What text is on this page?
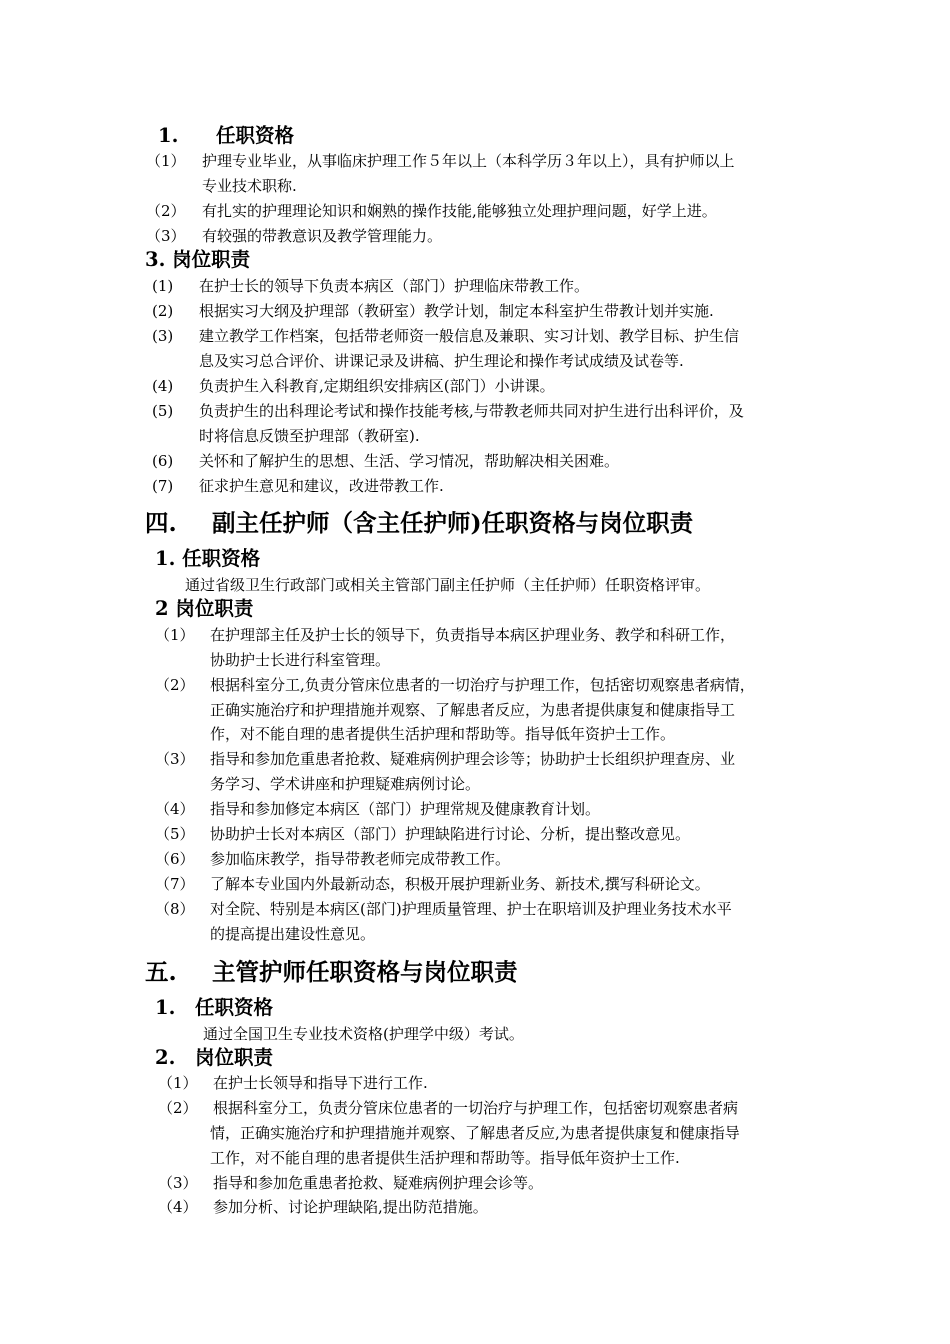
1. 任职资格
（1） 护理专业毕业，从事临床护理工作５年以上（本科学历３年以上），具有护师以上
专业技术职称.
（2） 有扎实的护理理论知识和娴熟的操作技能,能够独立处理护理问题，好学上进。
（3） 有较强的带教意识及教学管理能力。
3. 岗位职责
(1) 在护士长的领导下负责本病区（部门）护理临床带教工作。
(2) 根据实习大纲及护理部（教研室）教学计划，制定本科室护生带教计划并实施.
(3) 建立教学工作档案，包括带老师资一般信息及兼职、实习计划、教学目标、护生信
息及实习总合评价、讲课记录及讲稿、护生理论和操作考试成绩及试卷等.
(4) 负责护生入科教育,定期组织安排病区(部门）小讲课。
(5) 负责护生的出科理论考试和操作技能考核,与带教老师共同对护生进行出科评价，及
时将信息反馈至护理部（教研室).
(6) 关怀和了解护生的思想、生活、学习情况，帮助解决相关困难。
(7) 征求护生意见和建议，改进带教工作.
四. 副主任护师（含主任护师)任职资格与岗位职责
1. 任职资格
通过省级卫生行政部门或相关主管部门副主任护师（主任护师）任职资格评审。
2 岗位职责
（1） 在护理部主任及护士长的领导下，负责指导本病区护理业务、教学和科研工作，
协助护士长进行科室管理。
（2） 根据科室分工,负责分管床位患者的一切治疗与护理工作，包括密切观察患者病情，
正确实施治疗和护理措施并观察、了解患者反应，为患者提供康复和健康指导工
作，对不能自理的患者提供生活护理和帮助等。指导低年资护士工作。
（3） 指导和参加危重患者抢救、疑难病例护理会诊等；协助护士长组织护理查房、业
务学习、学术讲座和护理疑难病例讨论。
（4） 指导和参加修定本病区（部门）护理常规及健康教育计划。
（5） 协助护士长对本病区（部门）护理缺陷进行讨论、分析，提出整改意见。
（6） 参加临床教学，指导带教老师完成带教工作。
（7） 了解本专业国内外最新动态，积极开展护理新业务、新技术,撰写科研论文。
（8） 对全院、特别是本病区(部门)护理质量管理、护士在职培训及护理业务技术水平
的提高提出建设性意见。
五. 主管护师任职资格与岗位职责
1. 任职资格
通过全国卫生专业技术资格(护理学中级）考试。
2. 岗位职责
（1） 在护士长领导和指导下进行工作.
（2） 根据科室分工，负责分管床位患者的一切治疗与护理工作，包括密切观察患者病
情，正确实施治疗和护理措施并观察、了解患者反应,为患者提供康复和健康指导
工作，对不能自理的患者提供生活护理和帮助等。指导低年资护士工作.
（3） 指导和参加危重患者抢救、疑难病例护理会诊等。
（4） 参加分析、讨论护理缺陷,提出防范措施。
